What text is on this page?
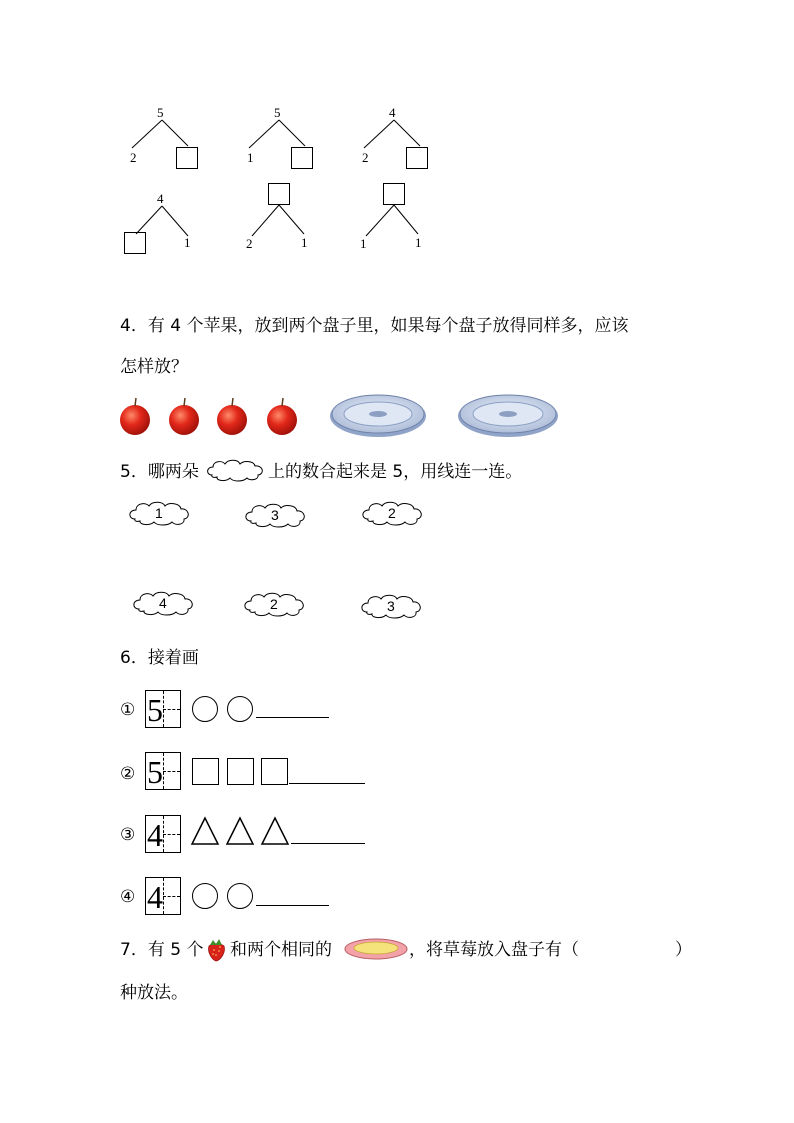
5
2
5
1
4
2
4
1	2	1	1	1
4．有 4 个苹果，放到两个盘子里，如果每个盘子放得同样多，应该
怎样放？
5．哪两朵	上的数合起来是 5，用线连一连。
1	3	2
4	2	3
6．接着画
① 5
② 5
③ 4
④ 4
7．有 5 个 和两个相同的	，将草莓放入盘子有（	）
种放法。
